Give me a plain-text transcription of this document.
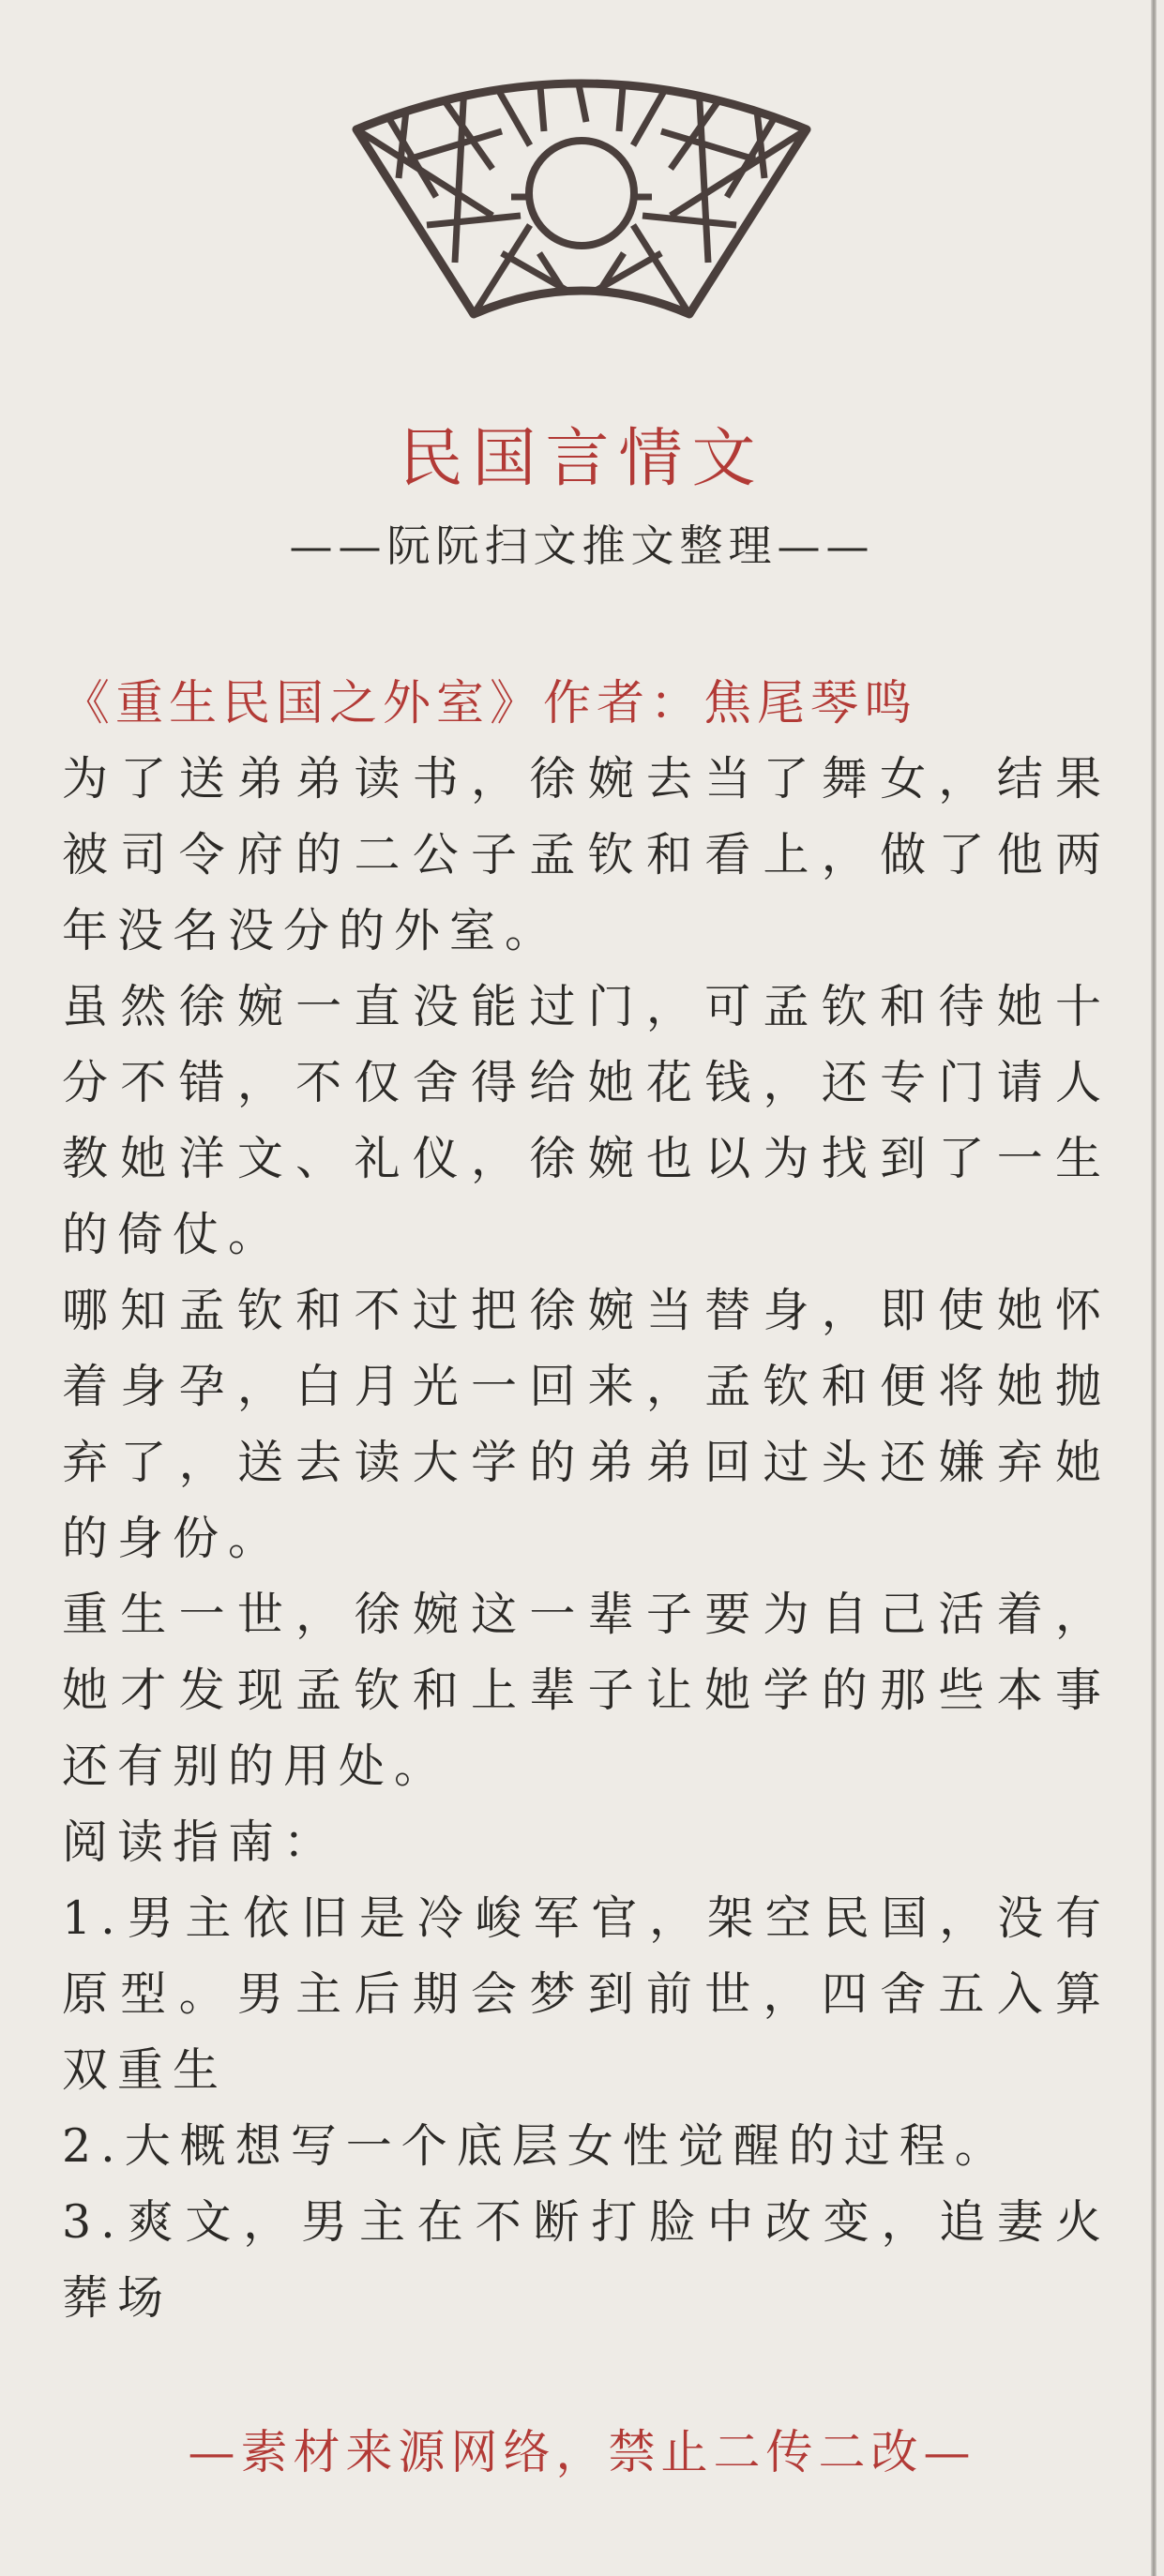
民国言情文
——阮阮扫文推文整理——
《重生民国之外室》作者：焦尾琴鸣

为了送弟弟读书，徐婉去当了舞女，结果被司令府的二公子孟钦和看上，做了他两年没名没分的外室。

虽然徐婉一直没能过门，可孟钦和待她十分不错，不仅舍得给她花钱，还专门请人教她洋文、礼仪，徐婉也以为找到了一生的倚仗。

哪知孟钦和不过把徐婉当替身，即使她怀着身孕，白月光一回来，孟钦和便将她抛弃了，送去读大学的弟弟回过头还嫌弃她的身份。

重生一世，徐婉这一辈子要为自己活着，她才发现孟钦和上辈子让她学的那些本事还有别的用处。

阅读指南：

1.男主依旧是冷峻军官，架空民国，没有原型。男主后期会梦到前世，四舍五入算双重生

2.大概想写一个底层女性觉醒的过程。

3.爽文，男主在不断打脸中改变，追妻火葬场

—素材来源网络，禁止二传二改—
